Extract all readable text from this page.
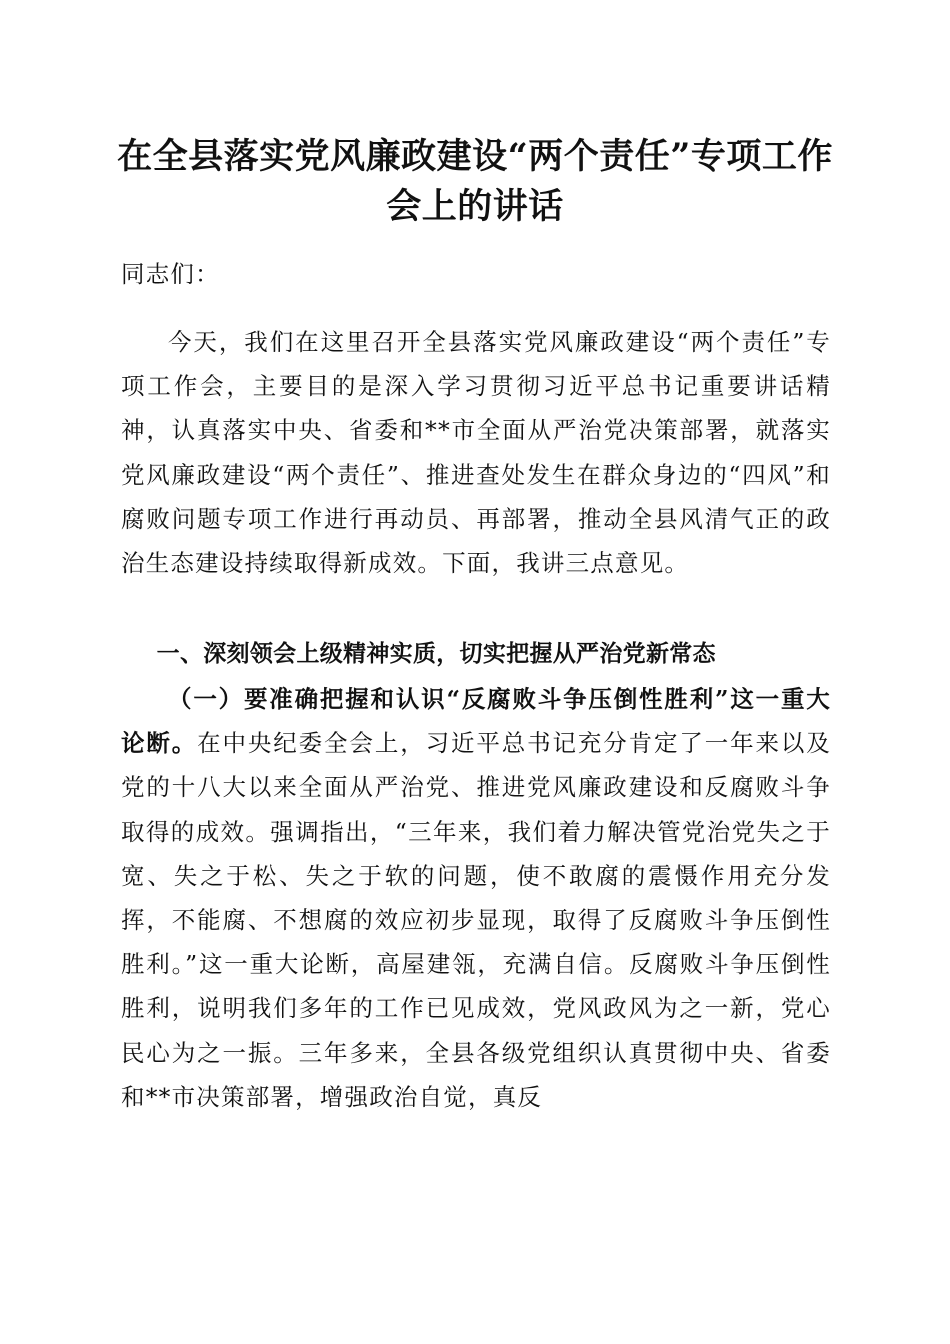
在全县落实党风廉政建设“两个责任”专项工作会上的讲话

同志们：

今天，我们在这里召开全县落实党风廉政建设“两个责任”专项工作会，主要目的是深入学习贯彻习近平总书记重要讲话精神，认真落实中央、省委和**市全面从严治党决策部署，就落实党风廉政建设“两个责任”、推进查处发生在群众身边的“四风”和腐败问题专项工作进行再动员、再部署，推动全县风清气正的政治生态建设持续取得新成效。下面，我讲三点意见。

一、深刻领会上级精神实质，切实把握从严治党新常态

（一）要准确把握和认识“反腐败斗争压倒性胜利”这一重大论断。在中央纪委全会上，习近平总书记充分肯定了一年来以及党的十八大以来全面从严治党、推进党风廉政建设和反腐败斗争取得的成效。强调指出，“三年来，我们着力解决管党治党失之于宽、失之于松、失之于软的问题，使不敢腐的震慑作用充分发挥，不能腐、不想腐的效应初步显现，取得了反腐败斗争压倒性胜利。”这一重大论断，高屋建瓴，充满自信。反腐败斗争压倒性胜利，说明我们多年的工作已见成效，党风政风为之一新，党心民心为之一振。三年多来，全县各级党组织认真贯彻中央、省委和**市决策部署，增强政治自觉，真反
